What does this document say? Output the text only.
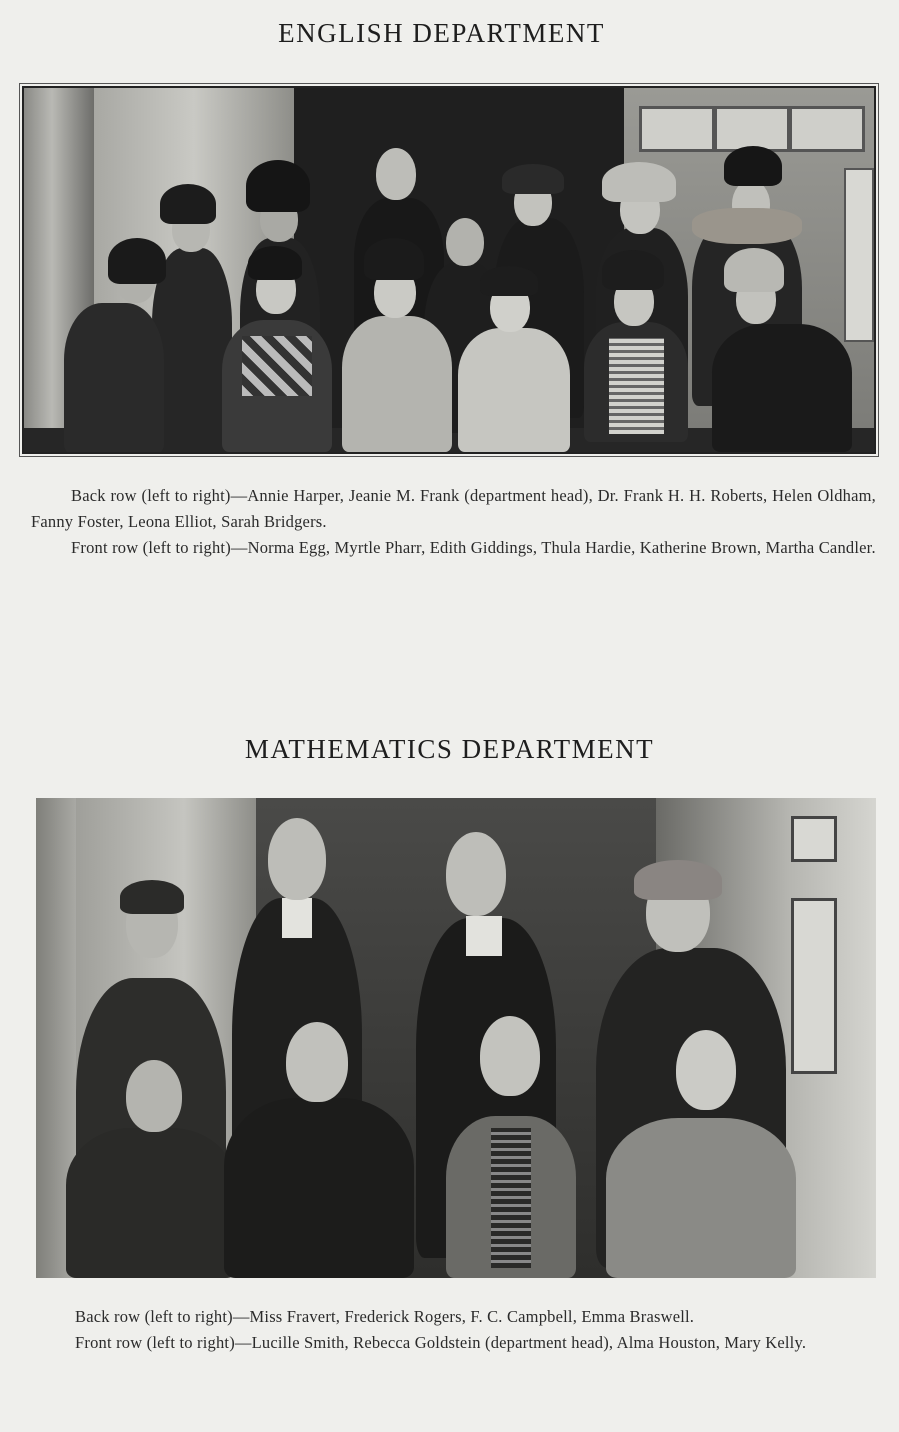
ENGLISH DEPARTMENT

Back row (left to right)—Annie Harper, Jeanie M. Frank (department head), Dr. Frank H. H. Roberts, Helen Oldham, Fanny Foster, Leona Elliot, Sarah Bridgers.

Front row (left to right)—Norma Egg, Myrtle Pharr, Edith Giddings, Thula Hardie, Katherine Brown, Martha Candler.

MATHEMATICS DEPARTMENT

Back row (left to right)—Miss Fravert, Frederick Rogers, F. C. Campbell, Emma Braswell.

Front row (left to right)—Lucille Smith, Rebecca Goldstein (department head), Alma Houston, Mary Kelly.
